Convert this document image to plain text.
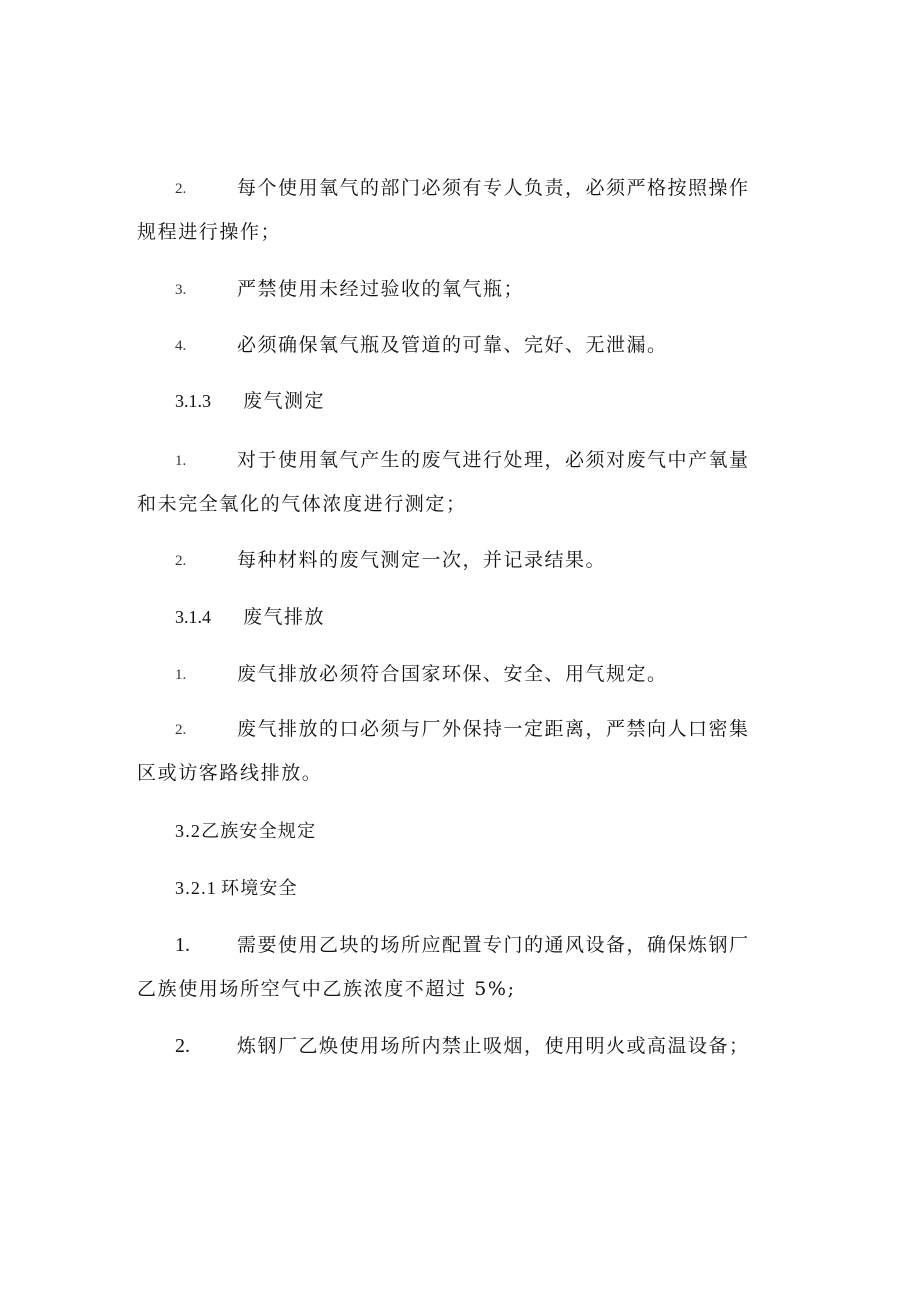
2.	每个使用氧气的部门必须有专人负责，必须严格按照操作
规程进行操作；
3.	严禁使用未经过验收的氧气瓶；
4.	必须确保氧气瓶及管道的可靠、完好、无泄漏。
3.1.3 废气测定
1.	对于使用氧气产生的废气进行处理，必须对废气中产氧量
和未完全氧化的气体浓度进行测定；
2.	每种材料的废气测定一次，并记录结果。
3.1.4 废气排放
1.	废气排放必须符合国家环保、安全、用气规定。
2.	废气排放的口必须与厂外保持一定距离，严禁向人口密集
区或访客路线排放。
3.2乙族安全规定
3.2.1 环境安全
1. 需要使用乙块的场所应配置专门的通风设备，确保炼钢厂
乙族使用场所空气中乙族浓度不超过 5%;
2. 炼钢厂乙焕使用场所内禁止吸烟，使用明火或高温设备；
